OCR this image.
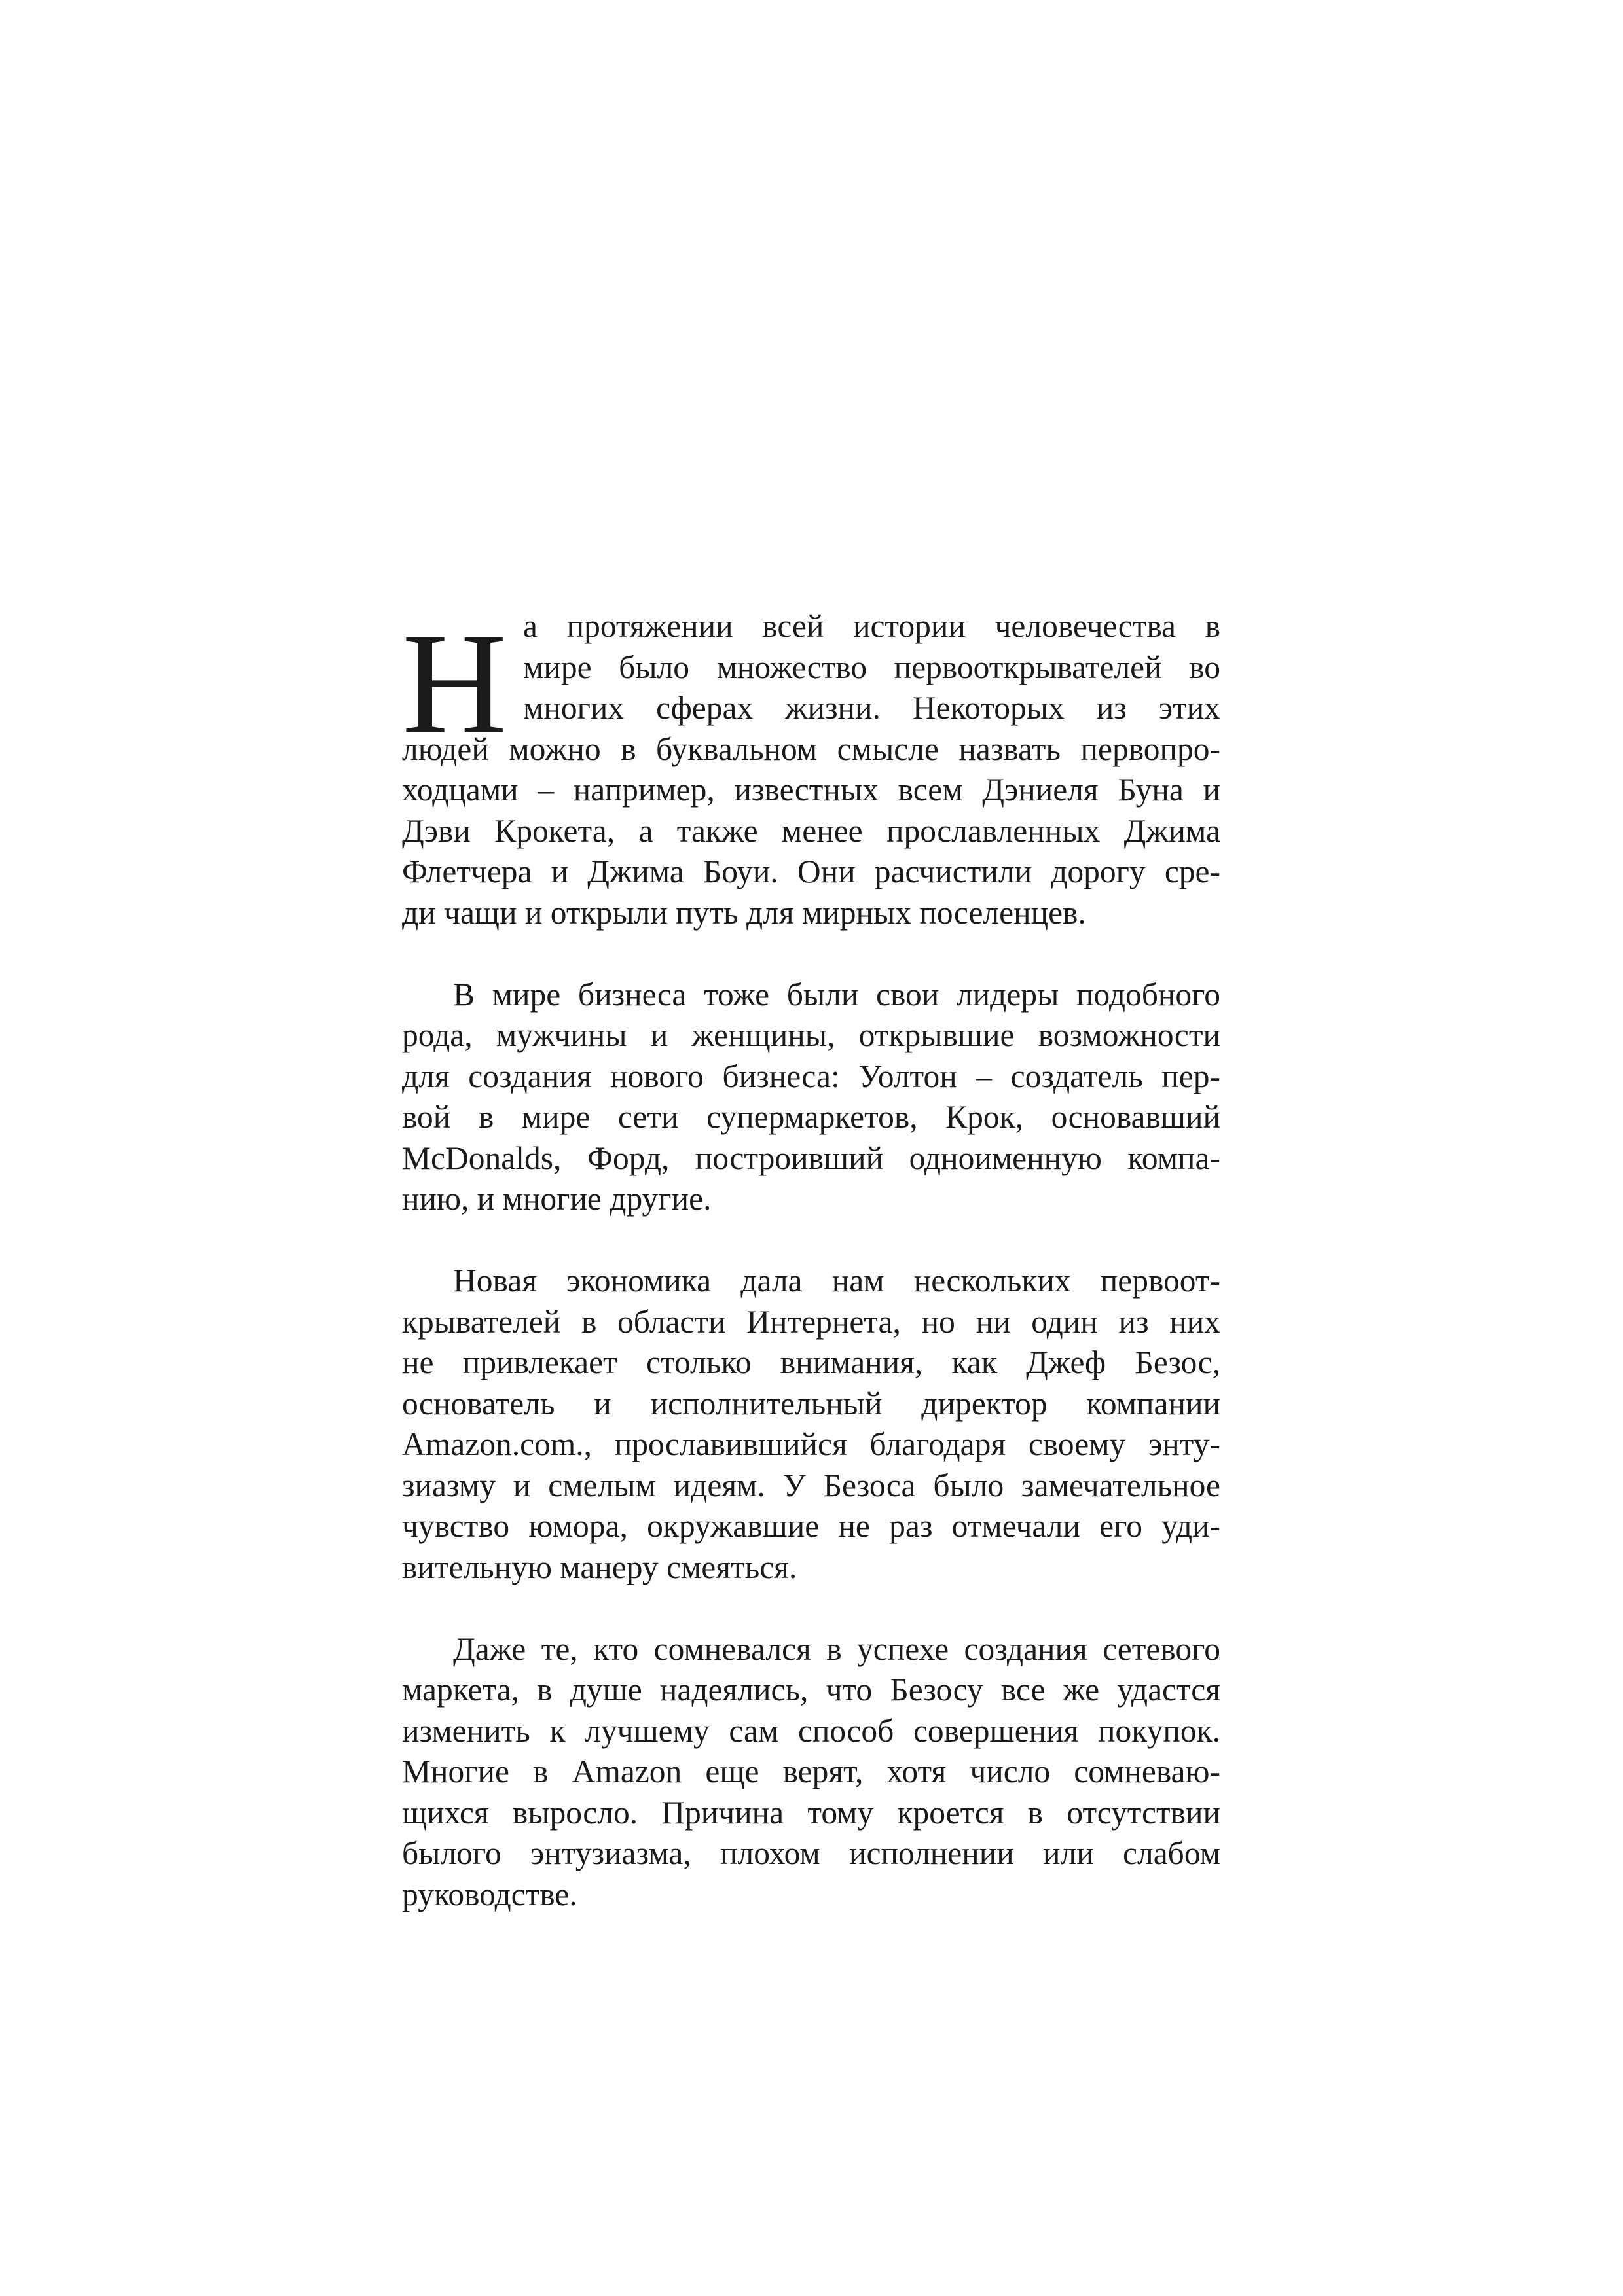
Н а протяжении всей истории человечества в
мире было множество первооткрывателей во
многих сферах жизни. Некоторых из этих
людей можно в буквальном смысле назвать первопро-
ходцами – например, известных всем Дэниеля Буна и
Дэви Крокета, а также менее прославленных Джима
Флетчера и Джима Боуи. Они расчистили дорогу сре-
ди чащи и открыли путь для мирных поселенцев.
В мире бизнеса тоже были свои лидеры подобного
рода, мужчины и женщины, открывшие возможности
для создания нового бизнеса: Уолтон – создатель пер-
вой в мире сети супермаркетов, Крок, основавший
McDonalds, Форд, построивший одноименную компа-
нию, и многие другие.
Новая экономика дала нам нескольких первоот-
крывателей в области Интернета, но ни один из них
не привлекает столько внимания, как Джеф Безос,
основатель и исполнительный директор компании
Amazon.com., прославившийся благодаря своему энту-
зиазму и смелым идеям. У Безоса было замечательное
чувство юмора, окружавшие не раз отмечали его уди-
вительную манеру смеяться.
Даже те, кто сомневался в успехе создания сетевого
маркета, в душе надеялись, что Безосу все же удастся
изменить к лучшему сам способ совершения покупок.
Многие в Amazon еще верят, хотя число сомневаю-
щихся выросло. Причина тому кроется в отсутствии
былого энтузиазма, плохом исполнении или слабом
руководстве.
